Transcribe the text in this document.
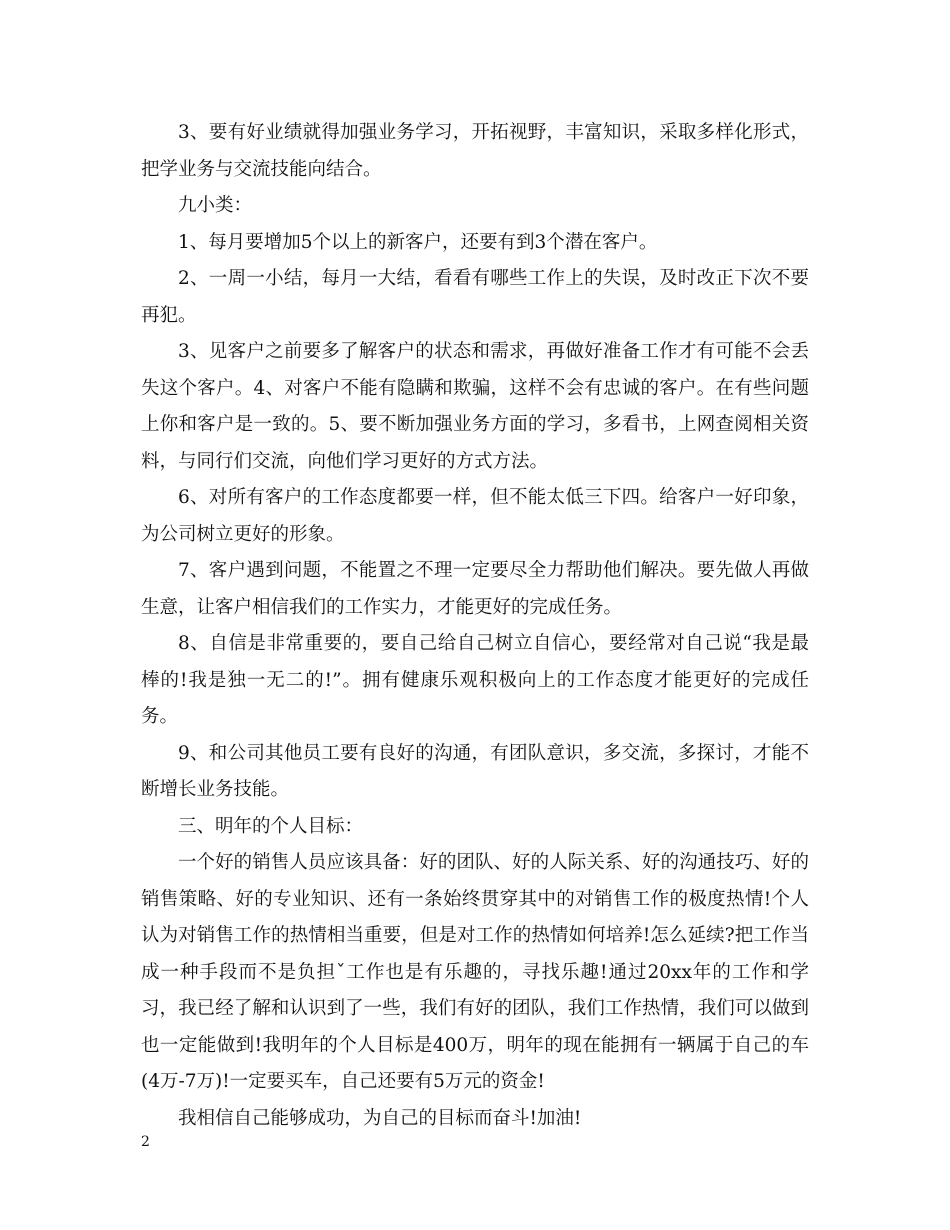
3、要有好业绩就得加强业务学习，开拓视野，丰富知识，采取多样化形式，把学业务与交流技能向结合。

九小类：

1、每月要增加5个以上的新客户，还要有到3个潜在客户。

2、一周一小结，每月一大结，看看有哪些工作上的失误，及时改正下次不要再犯。

3、见客户之前要多了解客户的状态和需求，再做好准备工作才有可能不会丢失这个客户。4、对客户不能有隐瞒和欺骗，这样不会有忠诚的客户。在有些问题上你和客户是一致的。5、要不断加强业务方面的学习，多看书，上网查阅相关资料，与同行们交流，向他们学习更好的方式方法。

6、对所有客户的工作态度都要一样，但不能太低三下四。给客户一好印象，为公司树立更好的形象。

7、客户遇到问题，不能置之不理一定要尽全力帮助他们解决。要先做人再做生意，让客户相信我们的工作实力，才能更好的完成任务。

8、自信是非常重要的，要自己给自己树立自信心，要经常对自己说“我是最棒的!我是独一无二的!”。拥有健康乐观积极向上的工作态度才能更好的完成任务。

9、和公司其他员工要有良好的沟通，有团队意识，多交流，多探讨，才能不断增长业务技能。

三、明年的个人目标：

一个好的销售人员应该具备：好的团队、好的人际关系、好的沟通技巧、好的销售策略、好的专业知识、还有一条始终贯穿其中的对销售工作的极度热情!个人认为对销售工作的热情相当重要，但是对工作的热情如何培养!怎么延续?把工作当成一种手段而不是负担ˇ工作也是有乐趣的，寻找乐趣!通过20xx年的工作和学习，我已经了解和认识到了一些，我们有好的团队，我们工作热情，我们可以做到也一定能做到!我明年的个人目标是400万，明年的现在能拥有一辆属于自己的车(4万-7万)!一定要买车，自己还要有5万元的资金!

我相信自己能够成功，为自己的目标而奋斗!加油!

2
